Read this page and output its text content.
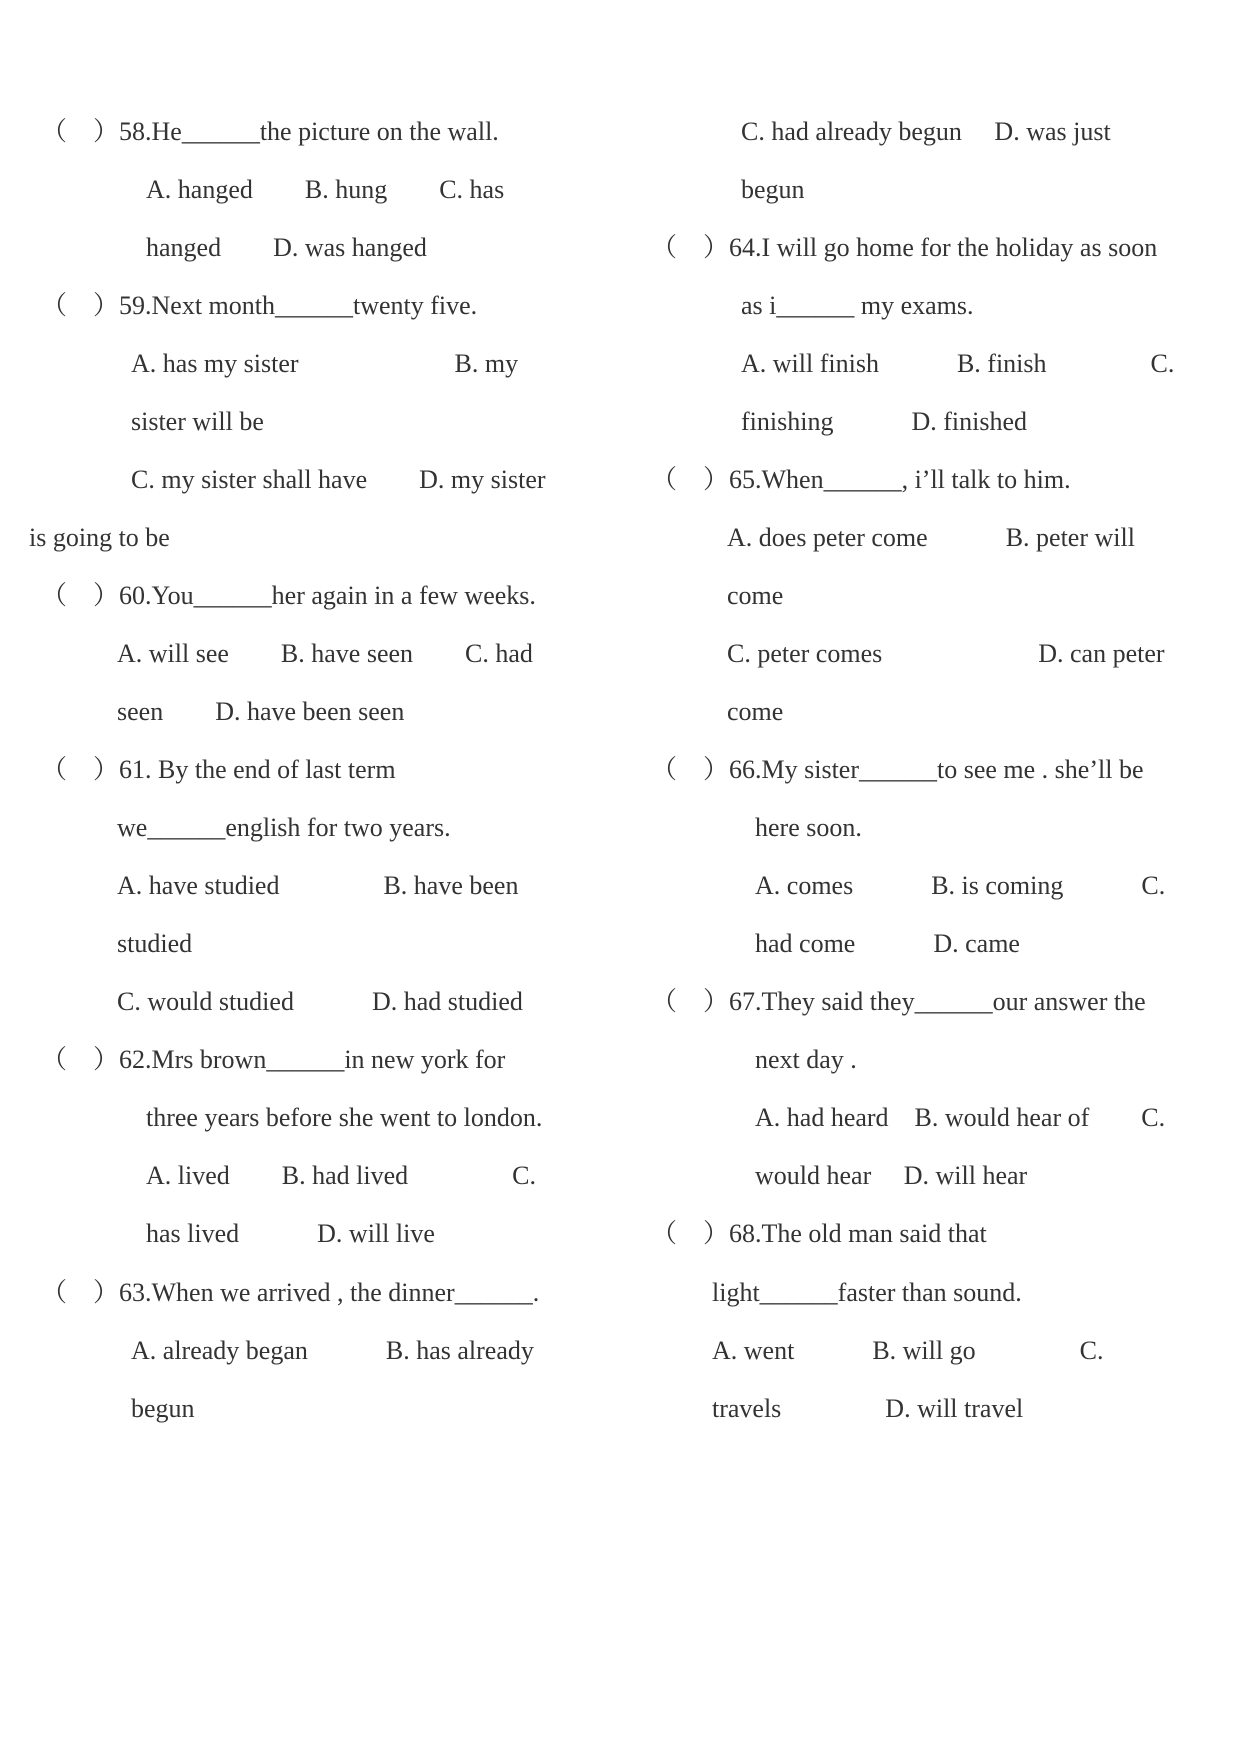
（　）58.He______the picture on the wall.
A. hanged　　B. hung　　C. has
hanged　　D. was hanged
（　）59.Next month______twenty five.
A. has my sister　　　　　　B. my
sister will be
C. my sister shall have　　D. my sister
is going to be
（　）60.You______her again in a few weeks.
A. will see　　B. have seen　　C. had
seen　　D. have been seen
（　）61. By the end of last term
we______english for two years.
A. have studied　　　　B. have been
studied
C. would studied　　　D. had studied
（　）62.Mrs brown______in new york for
three years before she went to london.
A. lived　　B. had lived　　　　C.
has lived　　　D. will live
（　）63.When we arrived , the dinner______.
A. already began　　　B. has already
begun
C. had already begun　 D. was just
begun
（　）64.I will go home for the holiday as soon
as i______ my exams.
A. will finish　　　B. finish　　　　C.
finishing　　　D. finished
（　）65.When______, i’ll talk to him.
A. does peter come　　　B. peter will
come
C. peter comes　　　　　　D. can peter
come
（　）66.My sister______to see me . she’ll be
here soon.
A. comes　　　B. is coming　　　C.
had come　　　D. came
（　）67.They said they______our answer the
next day .
A. had heard　B. would hear of　　C.
would hear　 D. will hear
（　）68.The old man said that
light______faster than sound.
A. went　　　B. will go　　　　C.
travels　　　　D. will travel
